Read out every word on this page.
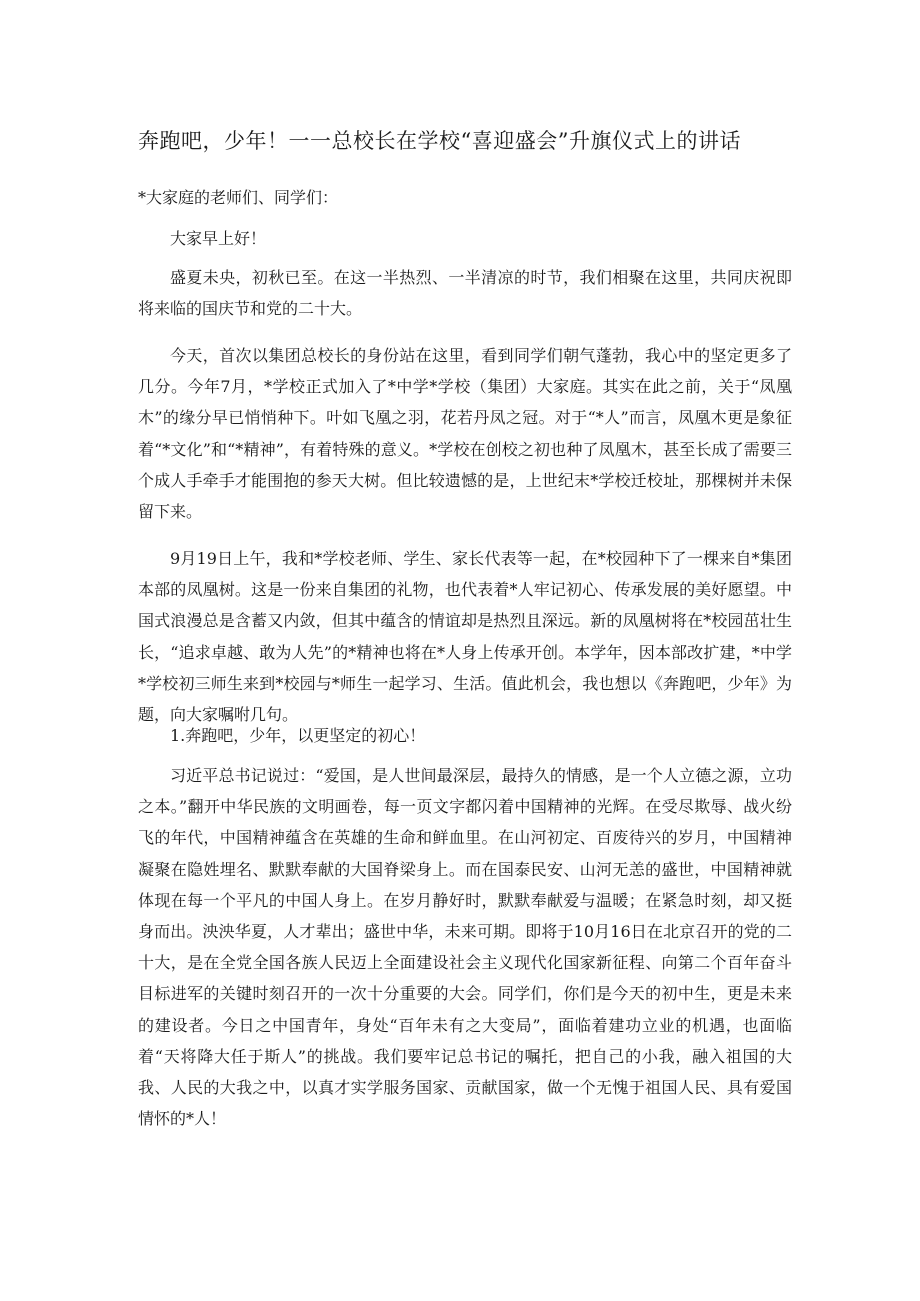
奔跑吧，少年！一一总校长在学校“喜迎盛会”升旗仪式上的讲话
*大家庭的老师们、同学们：

大家早上好！

盛夏未央，初秋已至。在这一半热烈、一半清凉的时节，我们相聚在这里，共同庆祝即将来临的国庆节和党的二十大。

今天，首次以集团总校长的身份站在这里，看到同学们朝气蓬勃，我心中的坚定更多了几分。今年7月，*学校正式加入了*中学*学校（集团）大家庭。其实在此之前，关于“凤凰木”的缘分早已悄悄种下。叶如飞凰之羽，花若丹凤之冠。对于“*人”而言，凤凰木更是象征着“*文化”和“*精神”，有着特殊的意义。*学校在创校之初也种了凤凰木，甚至长成了需要三个成人手牵手才能围抱的参天大树。但比较遗憾的是，上世纪末*学校迁校址，那棵树并未保留下来。

9月19日上午，我和*学校老师、学生、家长代表等一起，在*校园种下了一棵来自*集团本部的凤凰树。这是一份来自集团的礼物，也代表着*人牢记初心、传承发展的美好愿望。中国式浪漫总是含蓄又内敛，但其中蕴含的情谊却是热烈且深远。新的凤凰树将在*校园茁壮生长，“追求卓越、敢为人先”的*精神也将在*人身上传承开创。本学年，因本部改扩建，*中学*学校初三师生来到*校园与*师生一起学习、生活。值此机会，我也想以《奔跑吧，少年》为题，向大家嘱咐几句。

1.奔跑吧，少年，以更坚定的初心！

习近平总书记说过：“爱国，是人世间最深层，最持久的情感，是一个人立德之源，立功之本。”翻开中华民族的文明画卷，每一页文字都闪着中国精神的光辉。在受尽欺辱、战火纷飞的年代，中国精神蕴含在英雄的生命和鲜血里。在山河初定、百废待兴的岁月，中国精神凝聚在隐姓埋名、默默奉献的大国脊梁身上。而在国泰民安、山河无恙的盛世，中国精神就体现在每一个平凡的中国人身上。在岁月静好时，默默奉献爱与温暖；在紧急时刻，却又挺身而出。泱泱华夏，人才辈出；盛世中华，未来可期。即将于10月16日在北京召开的党的二十大，是在全党全国各族人民迈上全面建设社会主义现代化国家新征程、向第二个百年奋斗目标进军的关键时刻召开的一次十分重要的大会。同学们，你们是今天的初中生，更是未来的建设者。今日之中国青年，身处“百年未有之大变局”，面临着建功立业的机遇，也面临着“天将降大任于斯人”的挑战。我们要牢记总书记的嘱托，把自己的小我，融入祖国的大我、人民的大我之中，以真才实学服务国家、贡献国家，做一个无愧于祖国人民、具有爱国情怀的*人！
